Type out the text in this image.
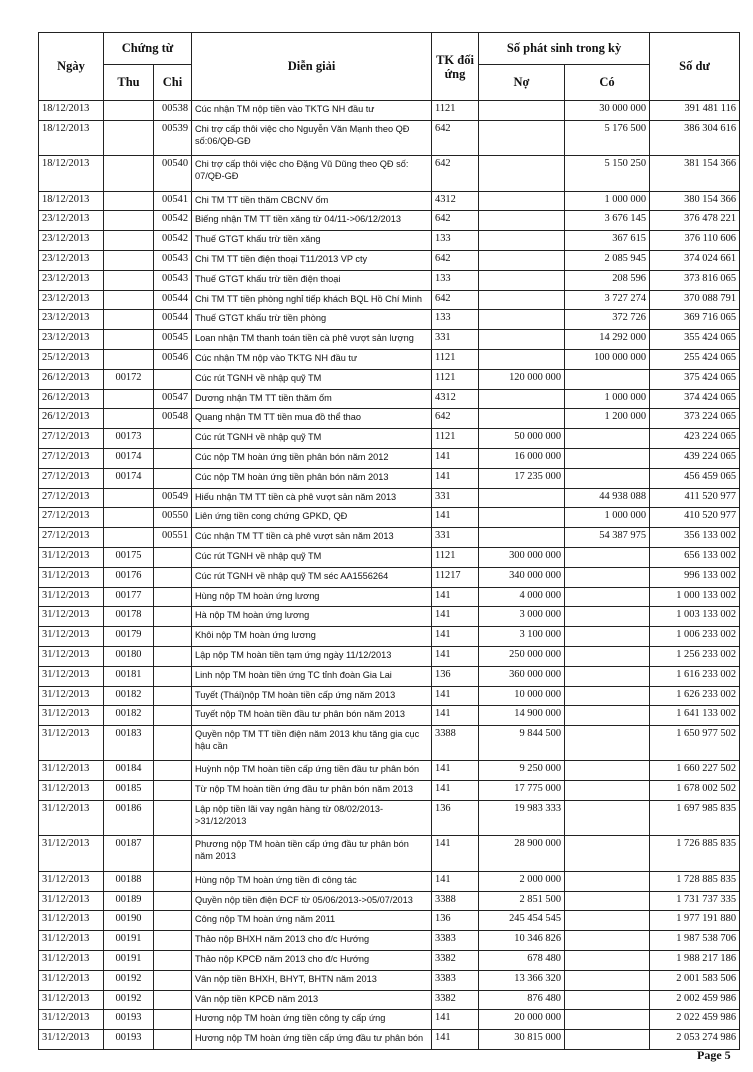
Ngày	Chứng từ		Diễn giải	TK đối ứng	Số phát sinh trong kỳ		Số dư
	Thu	Chi			Nợ	Có	
18/12/2013		00538	Cúc nhận TM nộp tiền vào TKTG NH đầu tư	1121		30 000 000	391 481 116
18/12/2013		00539	Chi trợ cấp thôi việc cho Nguyễn Văn Mạnh theo QĐ số:06/QĐ-GĐ	642		5 176 500	386 304 616
18/12/2013		00540	Chi trợ cấp thôi việc cho Đặng Vũ Dũng theo QĐ số: 07/QĐ-GĐ	642		5 150 250	381 154 366
18/12/2013		00541	Chi TM TT tiền thăm CBCNV ốm	4312		1 000 000	380 154 366
23/12/2013		00542	Biếng nhận TM TT tiền xăng từ 04/11->06/12/2013	642		3 676 145	376 478 221
23/12/2013		00542	Thuế GTGT khấu trừ tiền xăng	133		367 615	376 110 606
23/12/2013		00543	Chi TM TT tiền điện thoại T11/2013 VP cty	642		2 085 945	374 024 661
23/12/2013		00543	Thuế GTGT khấu trừ tiền điện thoại	133		208 596	373 816 065
23/12/2013		00544	Chi TM TT tiền phòng nghỉ tiếp khách BQL Hồ Chí Minh	642		3 727 274	370 088 791
23/12/2013		00544	Thuế GTGT khấu trừ tiền phòng	133		372 726	369 716 065
23/12/2013		00545	Loan nhận TM thanh toán tiền cà phê vượt sản lượng	331		14 292 000	355 424 065
25/12/2013		00546	Cúc nhận TM nộp vào TKTG NH đầu tư	1121		100 000 000	255 424 065
26/12/2013	00172		Cúc rút TGNH về nhập quỹ TM	1121	120 000 000		375 424 065
26/12/2013		00547	Dương nhận TM TT tiền thăm ốm	4312		1 000 000	374 424 065
26/12/2013		00548	Quang nhận TM TT tiền mua đồ thể thao	642		1 200 000	373 224 065
27/12/2013	00173		Cúc rút TGNH về nhập quỹ TM	1121	50 000 000		423 224 065
27/12/2013	00174		Cúc nộp TM hoàn ứng tiền phân bón năm 2012	141	16 000 000		439 224 065
27/12/2013	00174		Cúc nộp TM hoàn ứng tiền phân bón năm 2013	141	17 235 000		456 459 065
27/12/2013		00549	Hiếu nhận TM TT tiền cà phê vượt sản năm 2013	331		44 938 088	411 520 977
27/12/2013		00550	Liên ứng tiền cong chứng GPKD, QĐ	141		1 000 000	410 520 977
27/12/2013		00551	Cúc nhận TM TT tiền cà phê vượt sản năm 2013	331		54 387 975	356 133 002
31/12/2013	00175		Cúc rút TGNH về nhập quỹ TM	1121	300 000 000		656 133 002
31/12/2013	00176		Cúc rút TGNH về nhập quỹ TM séc AA1556264	11217	340 000 000		996 133 002
31/12/2013	00177		Hùng nộp TM hoàn ứng lương	141	4 000 000		1 000 133 002
31/12/2013	00178		Hà nộp TM hoàn ứng lương	141	3 000 000		1 003 133 002
31/12/2013	00179		Khôi nộp TM hoàn ứng lương	141	3 100 000		1 006 233 002
31/12/2013	00180		Lập nộp TM hoàn tiền tạm ứng ngày 11/12/2013	141	250 000 000		1 256 233 002
31/12/2013	00181		Linh nộp TM hoàn tiền ứng TC tỉnh đoàn Gia Lai	136	360 000 000		1 616 233 002
31/12/2013	00182		Tuyết (Thái)nộp TM hoàn tiền cấp ứng năm 2013	141	10 000 000		1 626 233 002
31/12/2013	00182		Tuyết nộp TM hoàn tiền đầu tư phân bón năm 2013	141	14 900 000		1 641 133 002
31/12/2013	00183		Quyền nộp TM TT tiền điện năm 2013 khu tăng gia cục hậu cần	3388	9 844 500		1 650 977 502
31/12/2013	00184		Huỳnh nộp TM hoàn tiền cấp ứng tiền đầu tư phân bón	141	9 250 000		1 660 227 502
31/12/2013	00185		Từ nộp TM hoàn tiền ứng đầu tư phân bón năm 2013	141	17 775 000		1 678 002 502
31/12/2013	00186		Lập nộp tiền lãi vay ngân hàng từ 08/02/2013->31/12/2013	136	19 983 333		1 697 985 835
31/12/2013	00187		Phương nộp TM hoàn tiền cấp ứng đầu tư phân bón năm 2013	141	28 900 000		1 726 885 835
31/12/2013	00188		Hùng nộp TM hoàn ứng tiền đi công tác	141	2 000 000		1 728 885 835
31/12/2013	00189		Quyền nộp tiền điện ĐCF từ 05/06/2013->05/07/2013	3388	2 851 500		1 731 737 335
31/12/2013	00190		Công nộp TM hoàn ứng năm 2011	136	245 454 545		1 977 191 880
31/12/2013	00191		Thảo nộp BHXH năm 2013 cho đ/c Hướng	3383	10 346 826		1 987 538 706
31/12/2013	00191		Thảo nộp KPCĐ năm 2013 cho đ/c Hướng	3382	678 480		1 988 217 186
31/12/2013	00192		Vân nộp tiền BHXH, BHYT, BHTN năm 2013	3383	13 366 320		2 001 583 506
31/12/2013	00192		Vân nộp tiền KPCĐ năm 2013	3382	876 480		2 002 459 986
31/12/2013	00193		Hương nộp TM hoàn ứng tiền công ty cấp ứng	141	20 000 000		2 022 459 986
31/12/2013	00193		Hương nộp TM hoàn ứng tiền cấp ứng đầu tư phân bón	141	30 815 000		2 053 274 986
Page 5
